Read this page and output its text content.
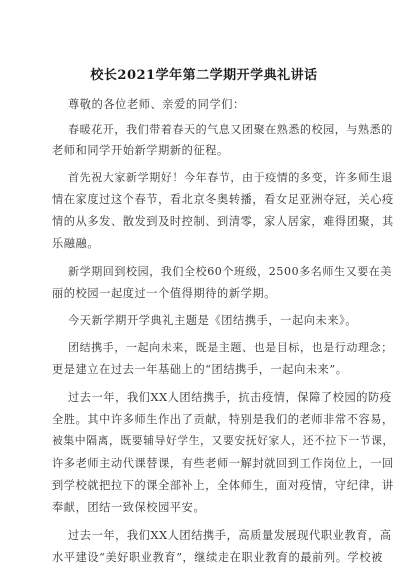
校长2021学年第二学期开学典礼讲话
尊敬的各位老师、亲爱的同学们：
春暖花开，我们带着春天的气息又团聚在熟悉的校园，与熟悉的
老师和同学开始新学期新的征程。
首先祝大家新学期好！今年春节，由于疫情的多变，许多师生退
情在家度过这个春节，看北京冬奥转播，看女足亚洲夺冠，关心疫
情的从多发、散发到及时控制、到清零，家人居家，难得团聚，其
乐融融。
新学期回到校园，我们全校60个班级，2500多名师生又要在美
丽的校园一起度过一个值得期待的新学期。
今天新学期开学典礼主题是《团结携手，一起向未来》。
团结携手，一起向未来，既是主题、也是目标，也是行动理念；
更是建立在过去一年基础上的“团结携手，一起向未来”。
过去一年，我们XX人团结携手，抗击疫情，保障了校园的防疫
全胜。其中许多师生作出了贡献，特别是我们的老师非常不容易，
被集中隔离，既要辅导好学生，又要安抚好家人，还不拉下一节课，
许多老师主动代课替课，有些老师一解封就回到工作岗位上，一回
到学校就把拉下的课全部补上，全体师生，面对疫情，守纪律，讲
奉献，团结一致保校园平安。
过去一年，我们XX人团结携手，高质量发展现代职业教育，高
水平建设“美好职业教育”，继续走在职业教育的最前列。学校被
